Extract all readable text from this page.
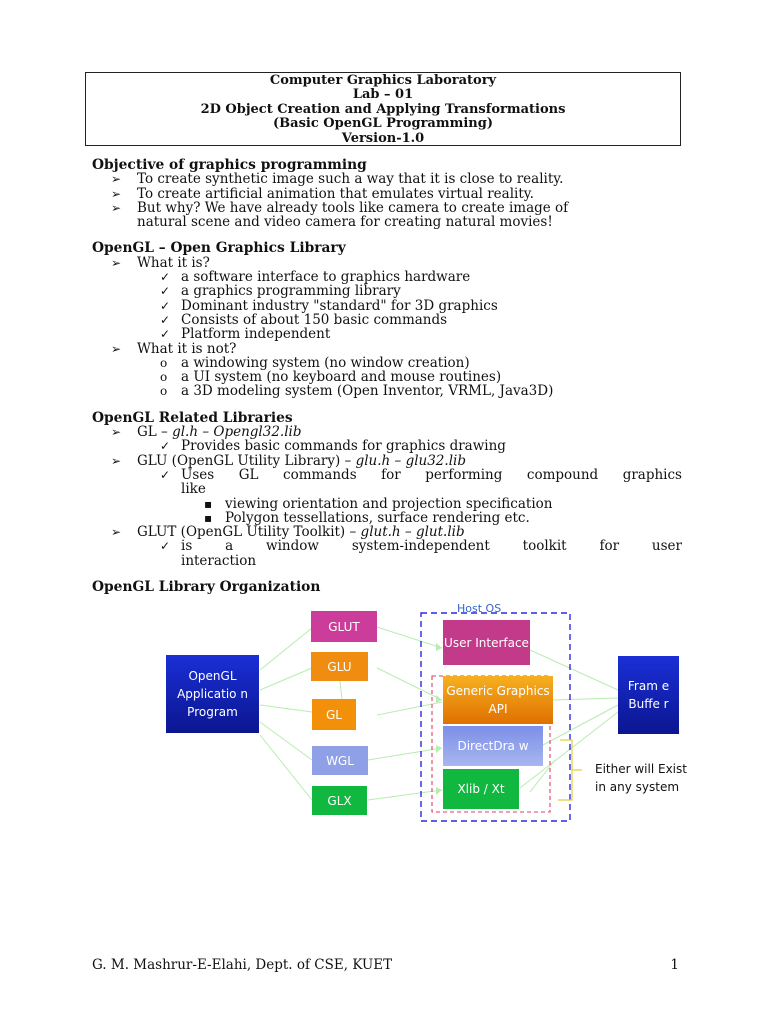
Computer Graphics Laboratory
Lab – 01
2D Object Creation and Applying Transformations
(Basic OpenGL Programming)
Version-1.0
Objective of graphics programming
➢ To create synthetic image such a way that it is close to reality.
➢ To create artificial animation that emulates virtual reality.
➢ But why? We have already tools like camera to create image of
natural scene and video camera for creating natural movies!
OpenGL – Open Graphics Library
➢ What it is?
✓ a software interface to graphics hardware
✓ a graphics programming library
✓ Dominant industry "standard" for 3D graphics
✓ Consists of about 150 basic commands
✓ Platform independent
➢ What it is not?
o a windowing system (no window creation)
o a UI system (no keyboard and mouse routines)
o a 3D modeling system (Open Inventor, VRML, Java3D)
OpenGL Related Libraries
➢ GL – gl.h – Opengl32.lib
✓ Provides basic commands for graphics drawing
➢ GLU (OpenGL Utility Library) – glu.h – glu32.lib
✓ Uses GL commands for performing compound graphics
like
▪ viewing orientation and projection specification
▪ Polygon tessellations, surface rendering etc.
➢ GLUT (OpenGL Utility Toolkit) – glut.h – glut.lib
✓ is a window system-independent toolkit for user
interaction
OpenGL Library Organization
Host OS
OpenGL Applicatio n Program
GLUT
GLU
GL
WGL
GLX
User Interface
Generic Graphics API
DirectDra w
Xlib / Xt
Fram e Buffe r
Either will Exist in any system
G. M. Mashrur-E-Elahi, Dept. of CSE, KUET	1
